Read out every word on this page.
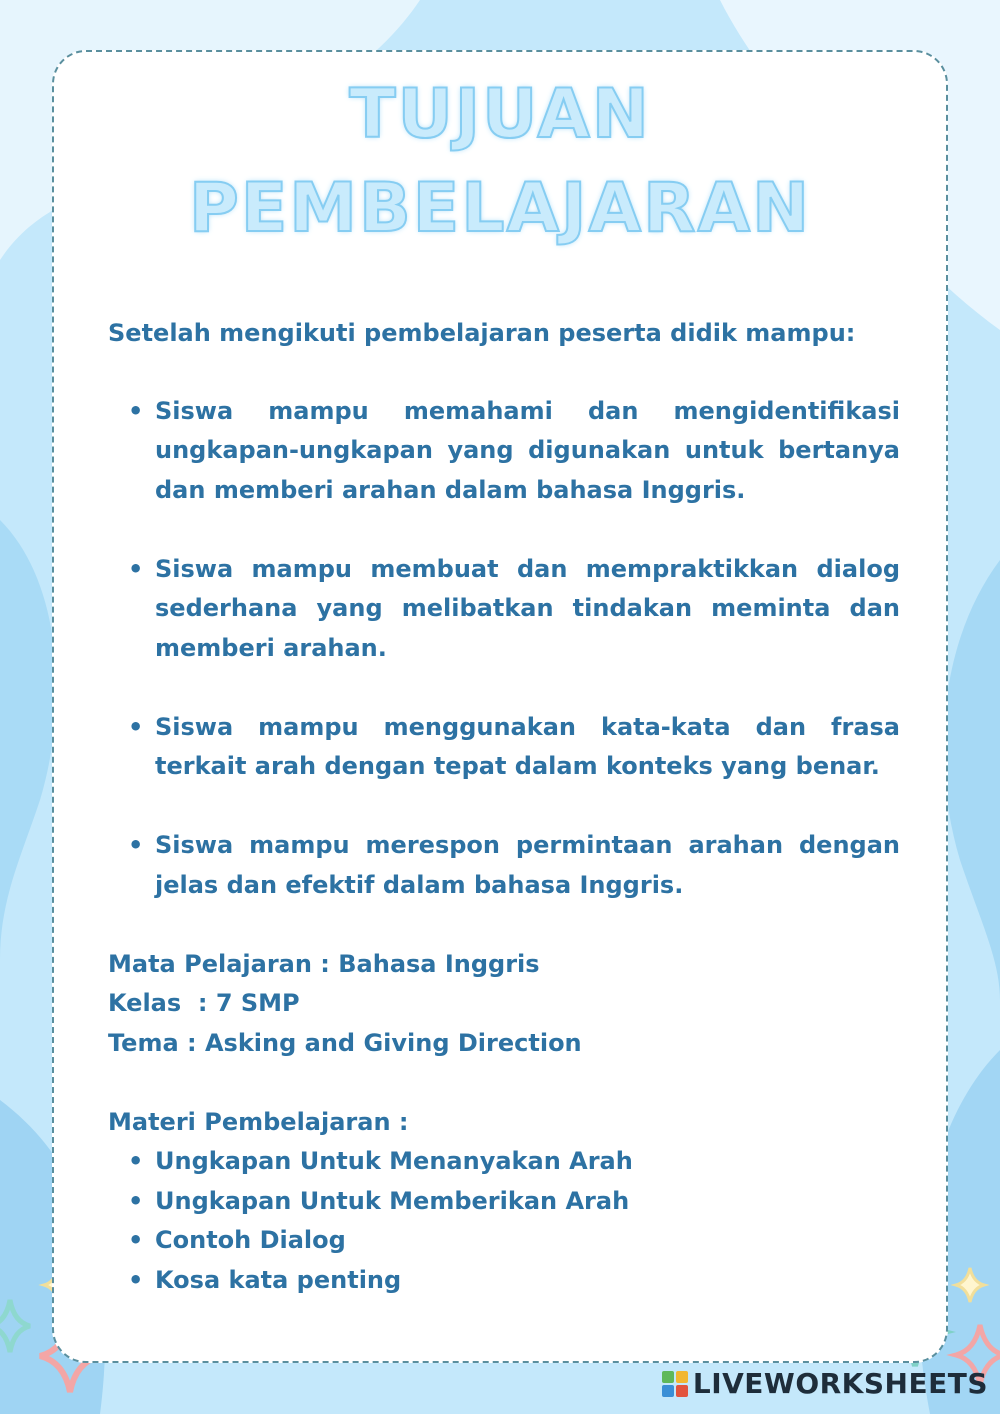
TUJUAN
PEMBELAJARAN

Setelah mengikuti pembelajaran peserta didik mampu:

• Siswa mampu memahami dan mengidentifikasi ungkapan-ungkapan yang digunakan untuk bertanya dan memberi arahan dalam bahasa Inggris.
• Siswa mampu membuat dan mempraktikkan dialog sederhana yang melibatkan tindakan meminta dan memberi arahan.
• Siswa mampu menggunakan kata-kata dan frasa terkait arah dengan tepat dalam konteks yang benar.
• Siswa mampu merespon permintaan arahan dengan jelas dan efektif dalam bahasa Inggris.
Mata Pelajaran : Bahasa Inggris
Kelas  : 7 SMP
Tema : Asking and Giving Direction
Materi Pembelajaran :
• Ungkapan Untuk Menanyakan Arah
• Ungkapan Untuk Memberikan Arah
• Contoh Dialog
• Kosa kata penting
LIVEWORKSHEETS
